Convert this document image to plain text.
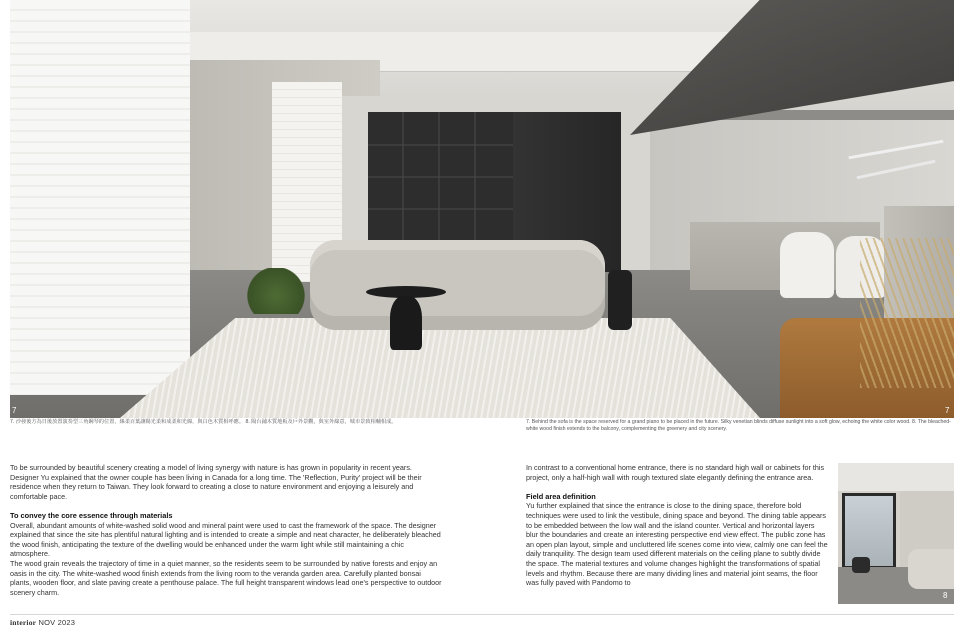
7	7
7. 沙發後方為日後放置演奏型三角鋼琴的位置，絲柔百葉讓陽光柔和成柔和光線，與白色木質相呼應。 8. 陽台鋪木質地板及戶外景觀，與室外綠意，城市景致相輔相成。	7. Behind the sofa is the space reserved for a grand piano to be placed in the future. Silky venetian blinds diffuse sunlight into a soft glow, echoing the white color wood. 8. The bleached-white wood finish extends to the balcony, complementing the greenery and city scenery.

To be surrounded by beautiful scenery creating a model of living synergy with nature is has grown in popularity in recent years. Designer Yu explained that the owner couple has been living in Canada for a long time. The 'Reflection, Purity' project will be their residence when they return to Taiwan. They look forward to creating a close to nature environment and enjoying a leisurely and comfortable pace.

To convey the core essence through materials

Overall, abundant amounts of white-washed solid wood and mineral paint were used to cast the framework of the space. The designer explained that since the site has plentiful natural lighting and is intended to create a simple and neat character, he deliberately bleached the wood finish, anticipating the texture of the dwelling would be enhanced under the warm light while still maintaining a chic atmosphere.

The wood grain reveals the trajectory of time in a quiet manner, so the residents seem to be surrounded by native forests and enjoy an oasis in the city. The white-washed wood finish extends from the living room to the veranda garden area. Carefully planted bonsai plants, wooden floor, and slate paving create a penthouse palace. The full height transparent windows lead one's perspective to outdoor scenery charm.

In contrast to a conventional home entrance, there is no standard high wall or cabinets for this project, only a half-high wall with rough textured slate elegantly defining the entrance area.

Field area definition

Yu further explained that since the entrance is close to the dining space, therefore bold techniques were used to link the vestibule, dining space and beyond. The dining table appears to be embedded between the low wall and the island counter. Vertical and horizontal layers blur the boundaries and create an interesting perspective end view effect. The public zone has an open plan layout, simple and uncluttered life scenes come into view, calmly one can feel the daily tranquility. The design team used different materials on the ceiling plane to subtly divide the space. The material textures and volume changes highlight the transformations of spatial levels and rhythm. Because there are many dividing lines and material joint seams, the floor was fully paved with Pandomo to

8
interior NOV 2023
